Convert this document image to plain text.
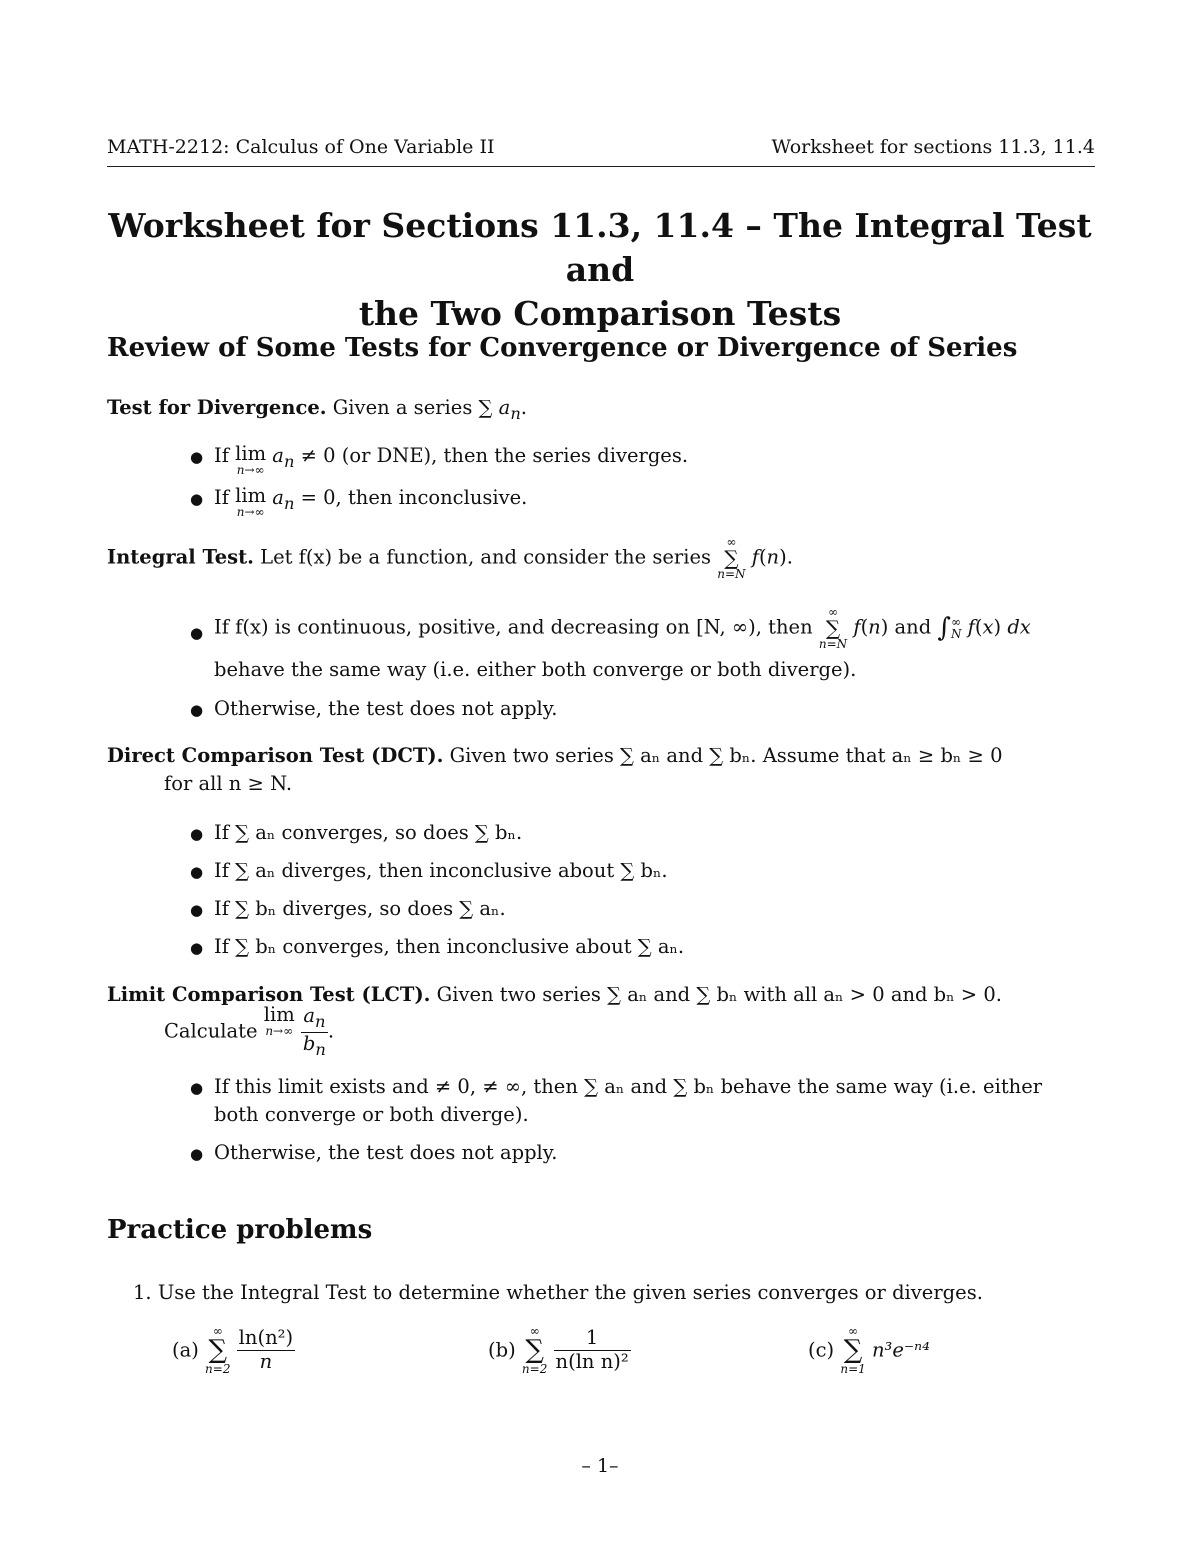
MATH-2212: Calculus of One Variable II	Worksheet for sections 11.3, 11.4
Worksheet for Sections 11.3, 11.4 – The Integral Test and
the Two Comparison Tests
Review of Some Tests for Convergence or Divergence of Series
Test for Divergence. Given a series ∑ $a_n$.
● If lim
n→∞
$a_n \ne 0$ (or DNE), then the series diverges.
● If lim
n→∞
$a_n = 0$, then inconclusive.
Integral Test. Let f(x) be a function, and consider the series
∞
∑
n=N
f(n).
● If f(x) is continuous, positive, and decreasing on [N, ∞), then
∞
∑
n=N
f(n) and ∫ ∞
N f(x) dx
behave the same way (i.e. either both converge or both diverge).
● Otherwise, the test does not apply.
Direct Comparison Test (DCT). Given two series ∑ aₙ and ∑ bₙ. Assume that aₙ ≥ bₙ ≥ 0
for all n ≥ N.
● If ∑ aₙ converges, so does ∑ bₙ.
● If ∑ aₙ diverges, then inconclusive about ∑ bₙ.
● If ∑ bₙ diverges, so does ∑ aₙ.
● If ∑ bₙ converges, then inconclusive about ∑ aₙ.
Limit Comparison Test (LCT). Given two series ∑ aₙ and ∑ bₙ with all aₙ > 0 and bₙ > 0.
Calculate lim
n→∞
$\frac{a_n}{b_n}$ .
● If this limit exists and ≠ 0, ≠ ∞, then ∑ aₙ and ∑ bₙ behave the same way (i.e. either
both converge or both diverge).
● Otherwise, the test does not apply.
Practice problems
1. Use the Integral Test to determine whether the given series converges or diverges.
(a)
∞
∑
n=2
$\frac{\text{ln(n²)}}{n}$	(b)
∞
∑
n=2
$\frac{1}{\text{n(ln n)²}}$	(c)
∞
∑
n=1
n³e⁻ⁿ⁴
– 1–
